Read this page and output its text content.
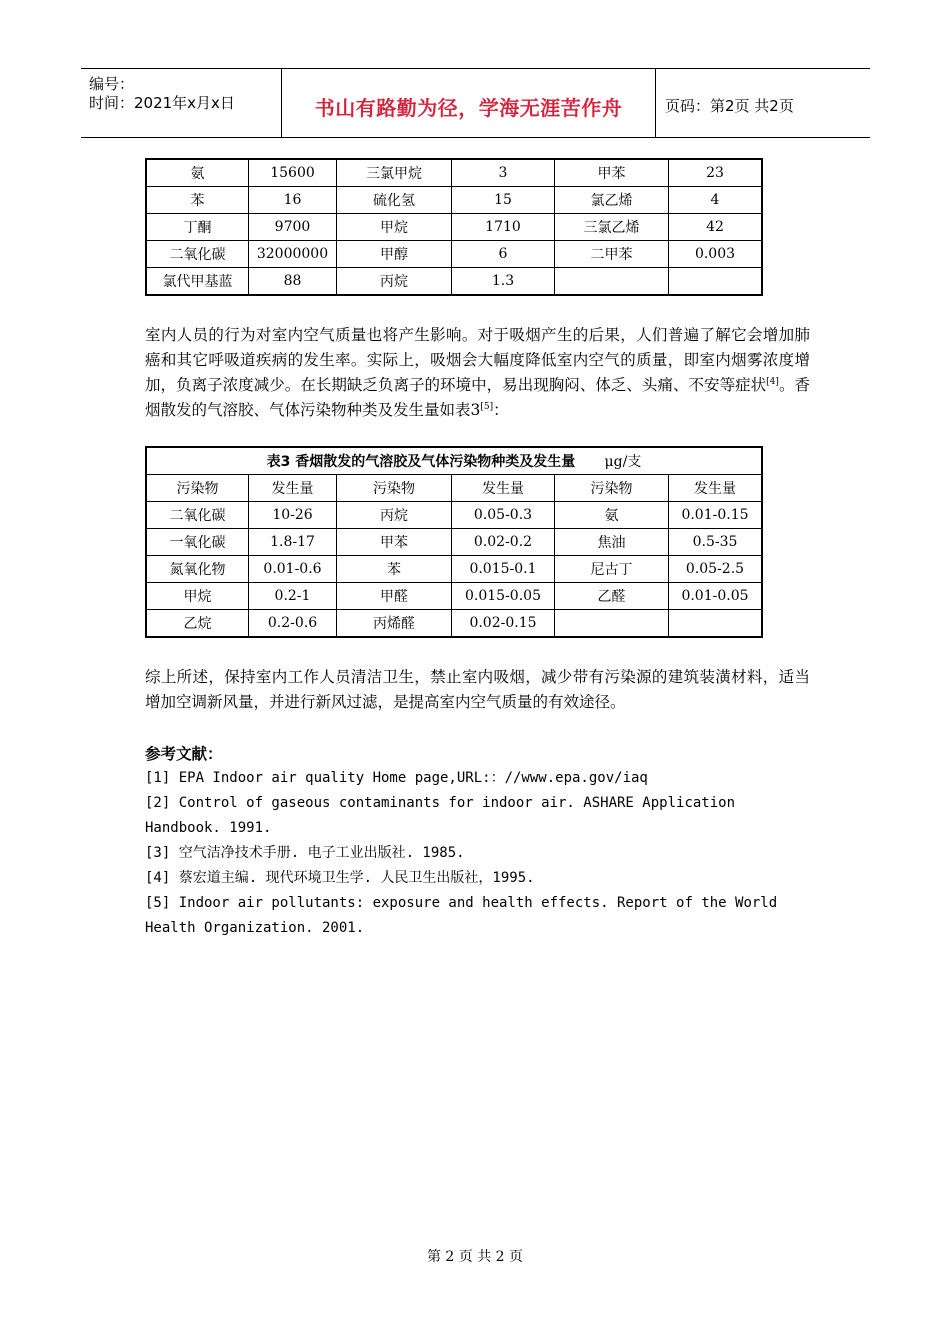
编号：
时间：2021年x月x日	书山有路勤为径，学海无涯苦作舟	页码：第2页 共2页
氨	15600	三氯甲烷	3	甲苯	23
苯	16	硫化氢	15	氯乙烯	4
丁酮	9700	甲烷	1710	三氯乙烯	42
二氧化碳	32000000	甲醇	6	二甲苯	0.003
氯代甲基蓝	88	丙烷	1.3		
室内人员的行为对室内空气质量也将产生影响。对于吸烟产生的后果，人们普遍了解它会增加肺癌和其它呼吸道疾病的发生率。实际上，吸烟会大幅度降低室内空气的质量，即室内烟雾浓度增加，负离子浓度减少。在长期缺乏负离子的环境中，易出现胸闷、体乏、头痛、不安等症状[4]。香烟散发的气溶胶、气体污染物种类及发生量如表3[5]：
表3 香烟散发的气溶胶及气体污染物种类及发生量 μg/支					
污染物	发生量	污染物	发生量	污染物	发生量
二氧化碳	10-26	丙烷	0.05-0.3	氨	0.01-0.15
一氧化碳	1.8-17	甲苯	0.02-0.2	焦油	0.5-35
氮氧化物	0.01-0.6	苯	0.015-0.1	尼古丁	0.05-2.5
甲烷	0.2-1	甲醛	0.015-0.05	乙醛	0.01-0.05
乙烷	0.2-0.6	丙烯醛	0.02-0.15		
综上所述，保持室内工作人员清洁卫生，禁止室内吸烟，减少带有污染源的建筑装潢材料，适当增加空调新风量，并进行新风过滤，是提高室内空气质量的有效途径。
参考文献：
[1] EPA Indoor air quality Home page,URL:：//www.epa.gov/iaq
[2] Control of gaseous contaminants for indoor air. ASHARE Application Handbook. 1991.
[3] 空气洁净技术手册. 电子工业出版社. 1985.
[4] 蔡宏道主编. 现代环境卫生学. 人民卫生出版社，1995.
[5] Indoor air pollutants: exposure and health effects. Report of the World Health Organization. 2001.
第 2 页 共 2 页
